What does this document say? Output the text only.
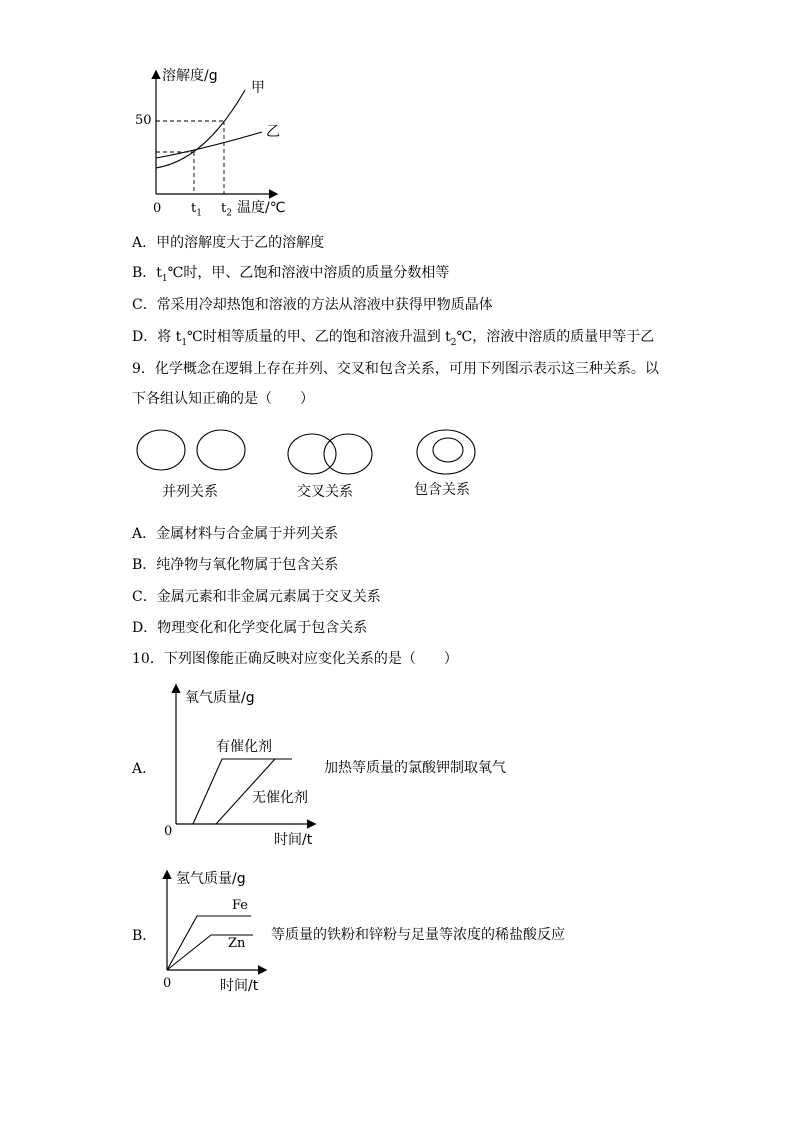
溶解度/g
50
0 $t_1$ $t_2$ 温度/℃
甲
乙
A．甲的溶解度大于乙的溶解度
B．$t_1℃$时，甲、乙饱和溶液中溶质的质量分数相等
C．常采用冷却热饱和溶液的方法从溶液中获得甲物质晶体
D．将 $t_1℃$时相等质量的甲、乙的饱和溶液升温到 $t_2℃$，溶液中溶质的质量甲等于乙
9．化学概念在逻辑上存在并列、交叉和包含关系，可用下列图示表示这三种关系。以
下各组认知正确的是（　　）
并列关系	交叉关系	包含关系
A．金属材料与合金属于并列关系
B．纯净物与氧化物属于包含关系
C．金属元素和非金属元素属于交叉关系
D．物理变化和化学变化属于包含关系
10．下列图像能正确反映对应变化关系的是（　　）
A．
氧气质量/g
0
时间/t
有催化剂
无催化剂
加热等质量的氯酸钾制取氧气
B．
氢气质量/g
0	时间/t
Fe
Zn
等质量的铁粉和锌粉与足量等浓度的稀盐酸反应
